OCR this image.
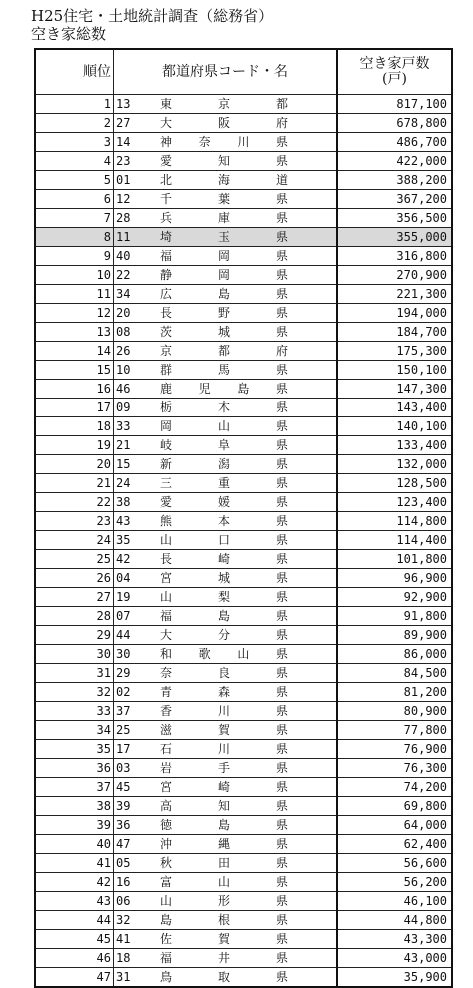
H25住宅・土地統計調査（総務省）
空き家総数
順位	都道府県コード・名	空き家戸数
(戸)

1	13 東 京 都	817,100
2	27 大 阪 府	678,800
3	14 神 奈 川 県	486,700
4	23 愛 知 県	422,000
5	01 北 海 道	388,200
6	12 千 葉 県	367,200
7	28 兵 庫 県	356,500
8	11 埼 玉 県	355,000
9	40 福 岡 県	316,800
10	22 静 岡 県	270,900
11	34 広 島 県	221,300
12	20 長 野 県	194,000
13	08 茨 城 県	184,700
14	26 京 都 府	175,300
15	10 群 馬 県	150,100
16	46 鹿 児 島 県	147,300
17	09 栃 木 県	143,400
18	33 岡 山 県	140,100
19	21 岐 阜 県	133,400
20	15 新 潟 県	132,000
21	24 三 重 県	128,500
22	38 愛 媛 県	123,400
23	43 熊 本 県	114,800
24	35 山 口 県	114,400
25	42 長 崎 県	101,800
26	04 宮 城 県	96,900
27	19 山 梨 県	92,900
28	07 福 島 県	91,800
29	44 大 分 県	89,900
30	30 和 歌 山 県	86,000
31	29 奈 良 県	84,500
32	02 青 森 県	81,200
33	37 香 川 県	80,900
34	25 滋 賀 県	77,800
35	17 石 川 県	76,900
36	03 岩 手 県	76,300
37	45 宮 崎 県	74,200
38	39 高 知 県	69,800
39	36 徳 島 県	64,000
40	47 沖 縄 県	62,400
41	05 秋 田 県	56,600
42	16 富 山 県	56,200
43	06 山 形 県	46,100
44	32 島 根 県	44,800
45	41 佐 賀 県	43,300
46	18 福 井 県	43,000
47	31 鳥 取 県	35,900
